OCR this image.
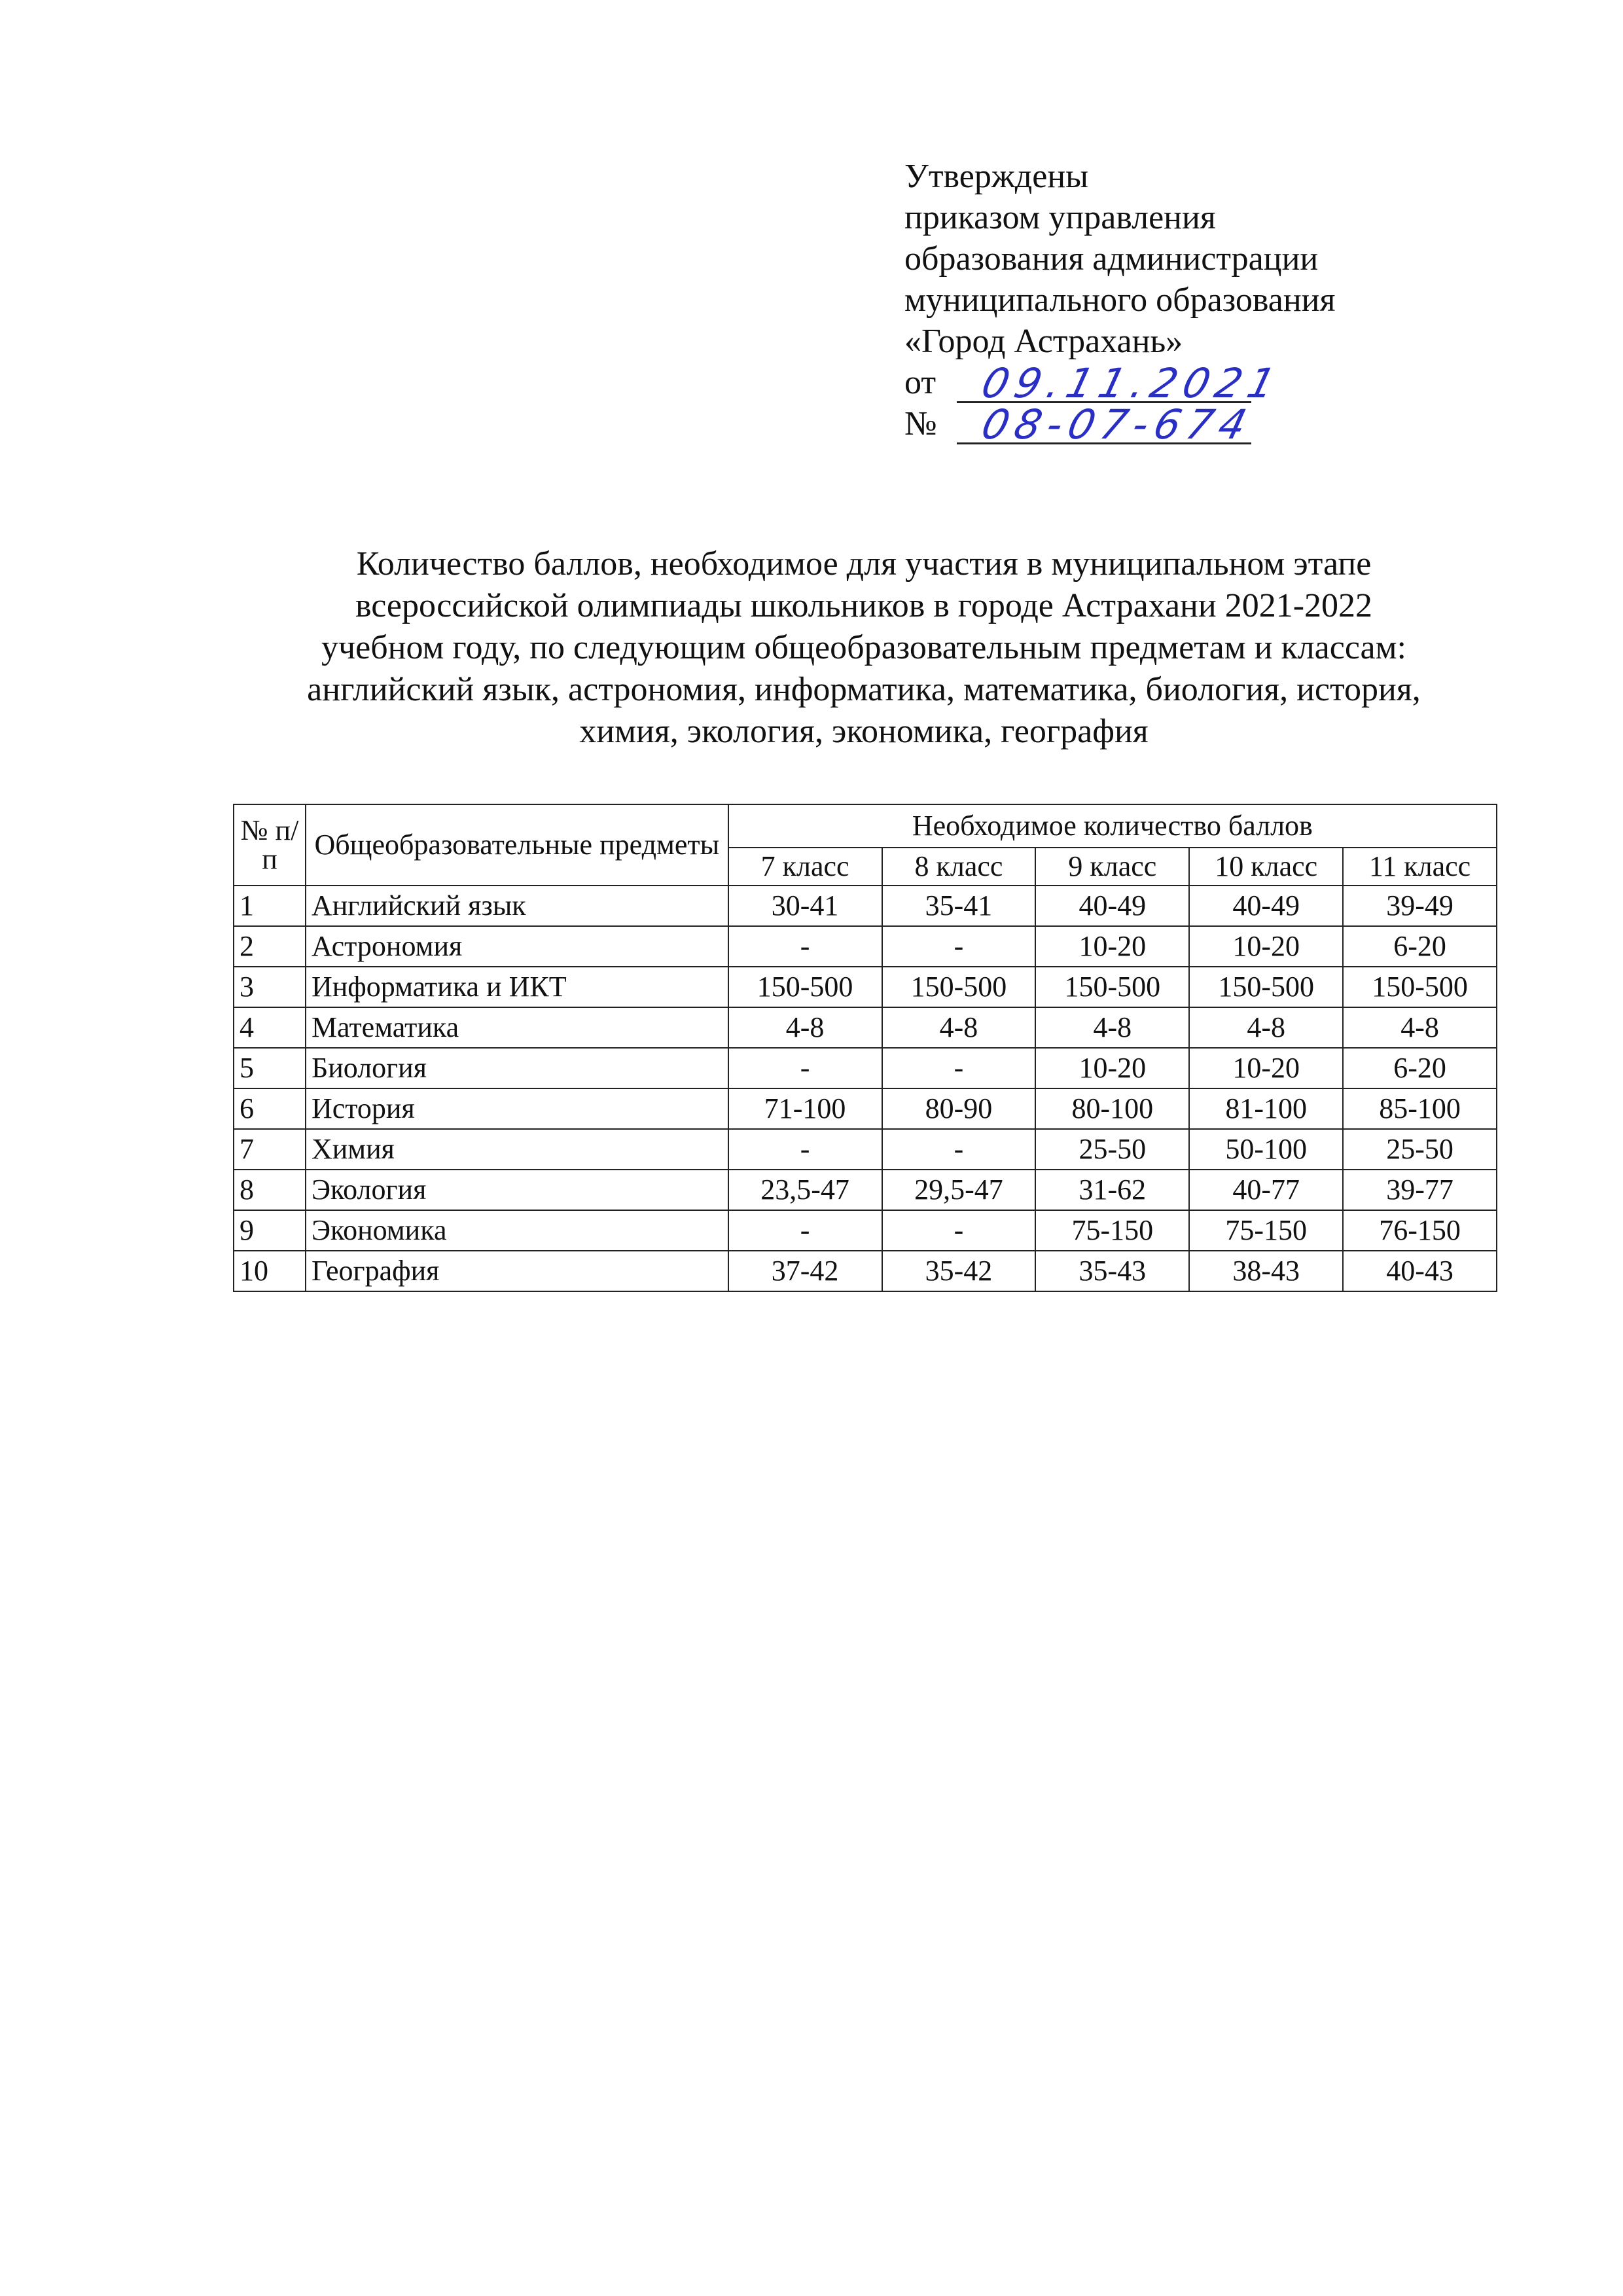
Утверждены
приказом управления
образования администрации
муниципального образования
«Город Астрахань»
от	09.11.2021
№ 08-07-674
Количество баллов, необходимое для участия в муниципальном этапе
всероссийской олимпиады школьников в городе Астрахани 2021-2022
учебном году, по следующим общеобразовательным предметам и классам:
английский язык, астрономия, информатика, математика, биология, история,
химия, экология, экономика, география
№ п/п	Общеобразовательные предметы	Необходимое количество баллов				
		7 класс	8 класс	9 класс	10 класс	11 класс
1	Английский язык	30-41	35-41	40-49	40-49	39-49
2	Астрономия	-	-	10-20	10-20	6-20
3	Информатика и ИКТ	150-500	150-500	150-500	150-500	150-500
4	Математика	4-8	4-8	4-8	4-8	4-8
5	Биология	-	-	10-20	10-20	6-20
6	История	71-100	80-90	80-100	81-100	85-100
7	Химия	-	-	25-50	50-100	25-50
8	Экология	23,5-47	29,5-47	31-62	40-77	39-77
9	Экономика	-	-	75-150	75-150	76-150
10	География	37-42	35-42	35-43	38-43	40-43
